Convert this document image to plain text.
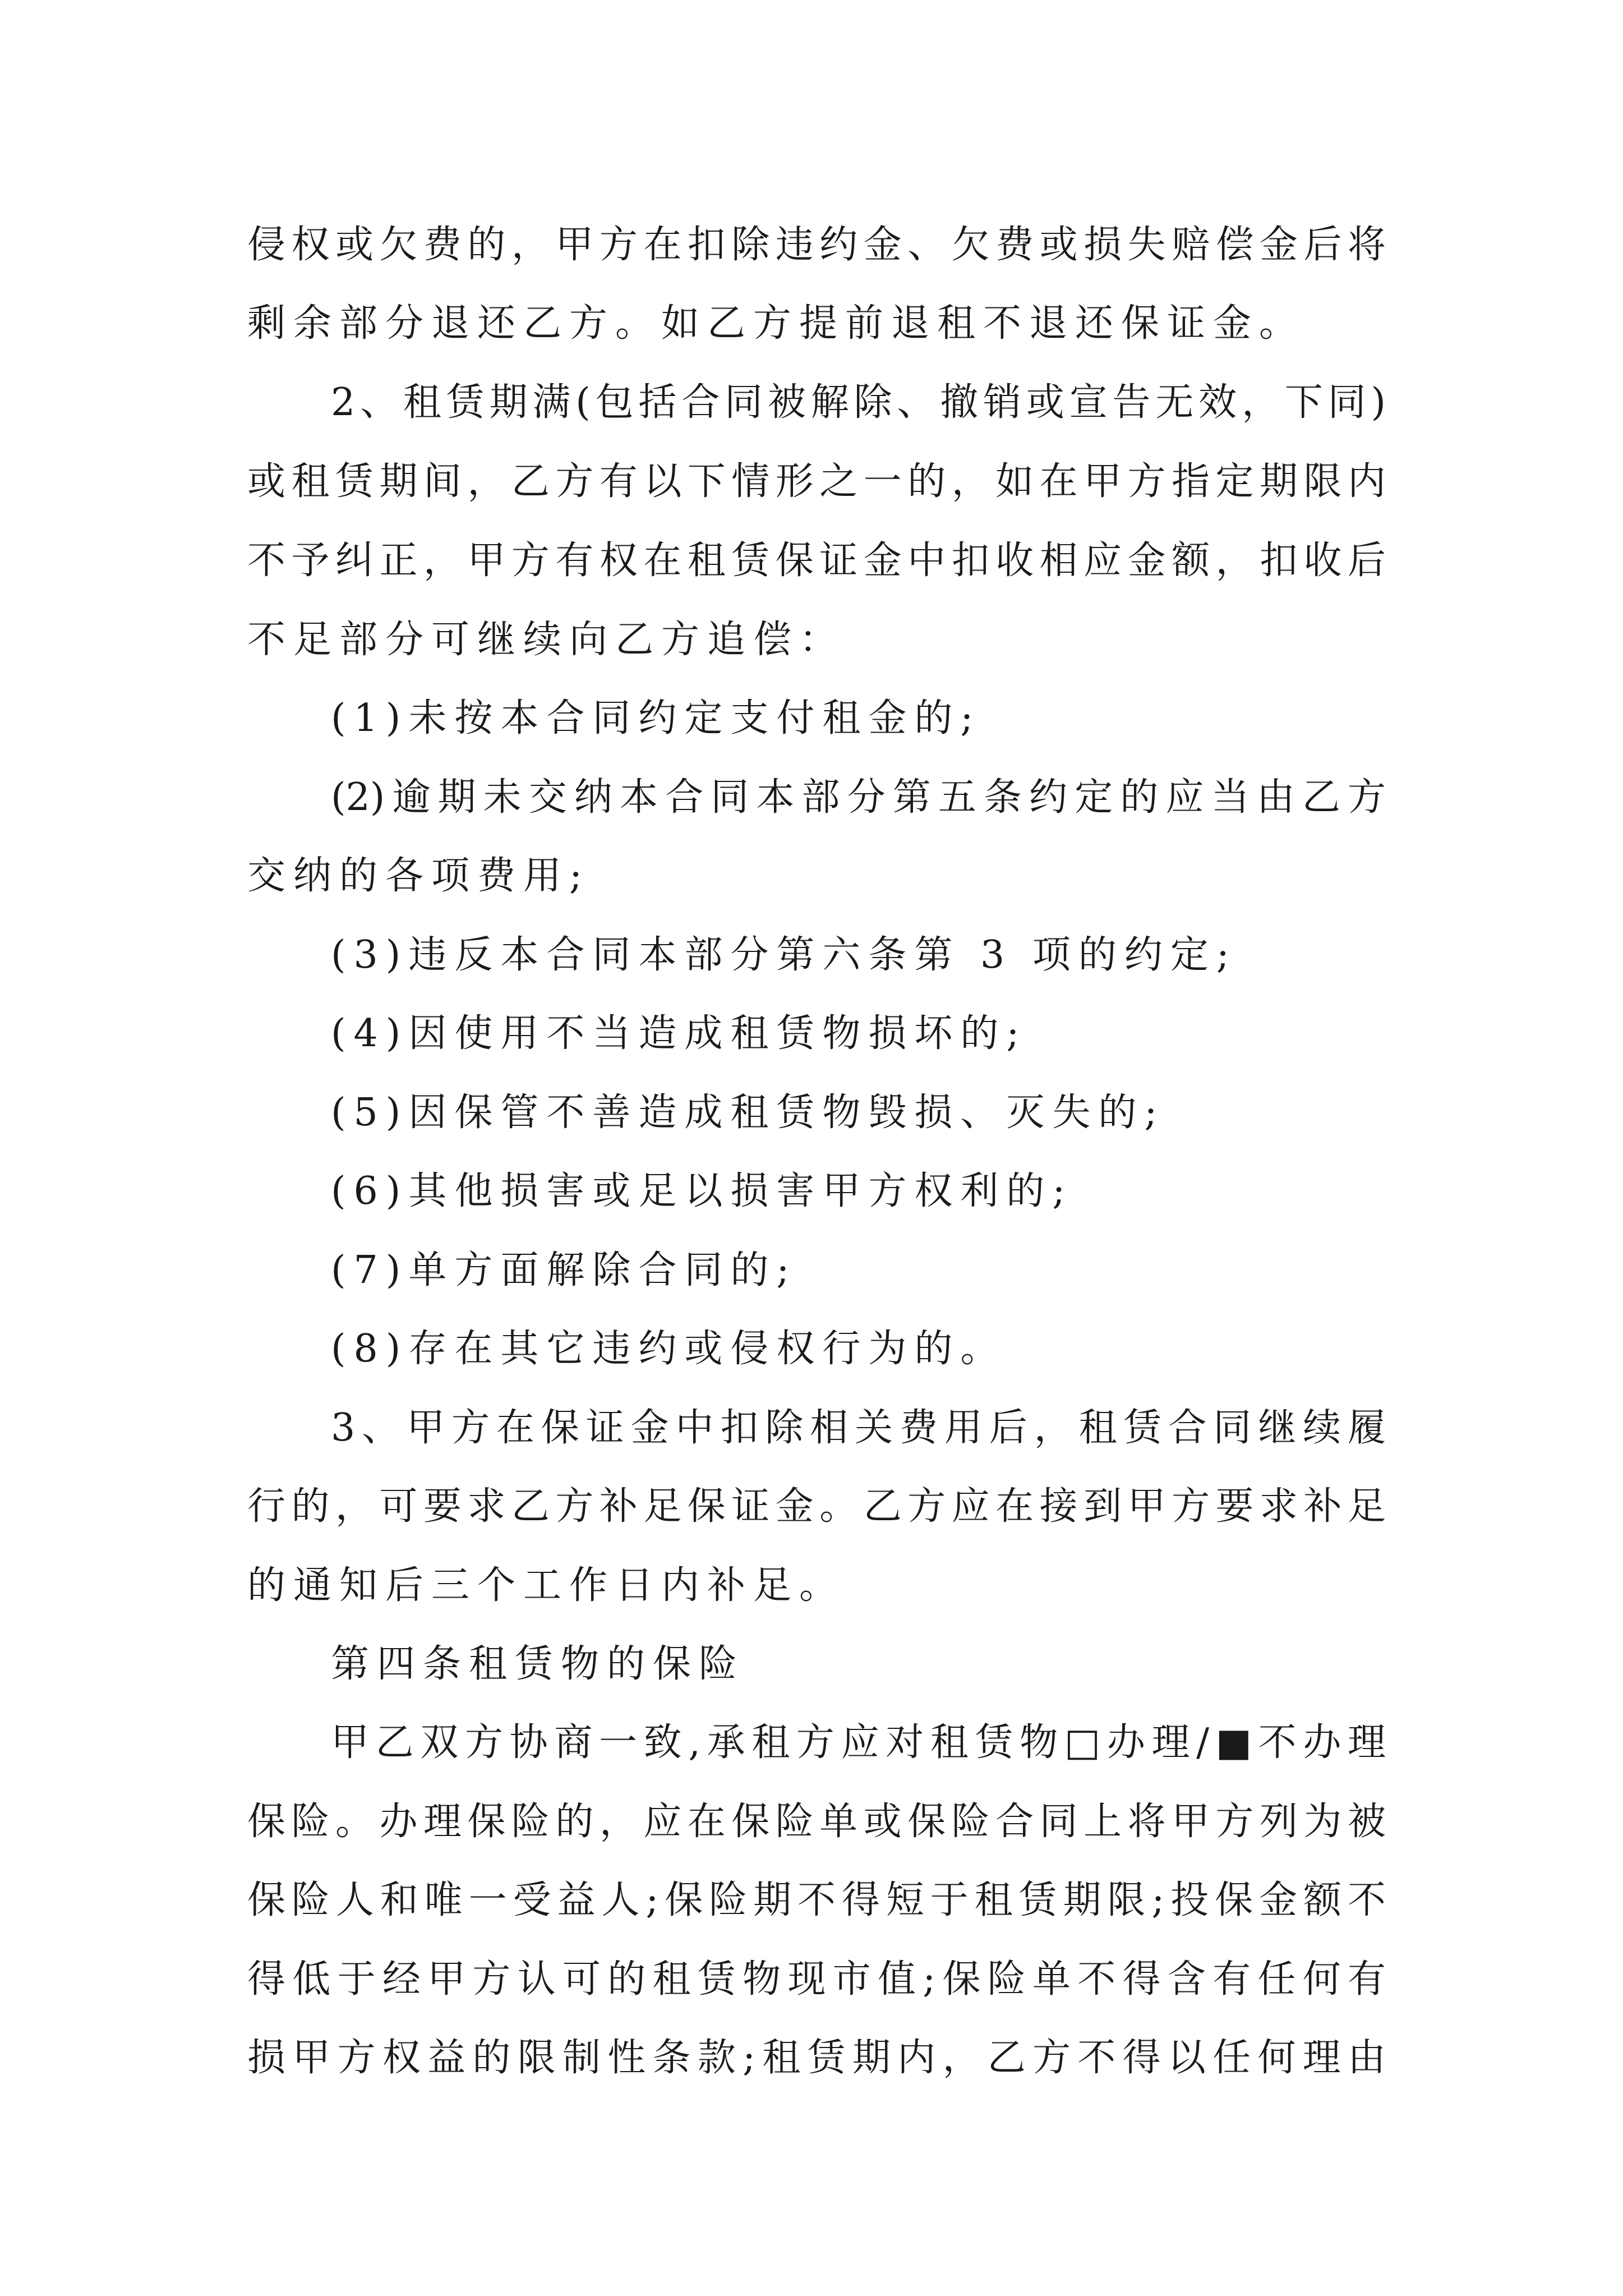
侵权或欠费的，甲方在扣除违约金、欠费或损失赔偿金后将
剩余部分退还乙方。如乙方提前退租不退还保证金。
2、租赁期满(包括合同被解除、撤销或宣告无效，下同)
或租赁期间，乙方有以下情形之一的，如在甲方指定期限内
不予纠正，甲方有权在租赁保证金中扣收相应金额，扣收后
不足部分可继续向乙方追偿：
(1)未按本合同约定支付租金的;
(2)逾期未交纳本合同本部分第五条约定的应当由乙方
交纳的各项费用;
(3)违反本合同本部分第六条第 3 项的约定;
(4)因使用不当造成租赁物损坏的;
(5)因保管不善造成租赁物毁损、灭失的;
(6)其他损害或足以损害甲方权利的;
(7)单方面解除合同的;
(8)存在其它违约或侵权行为的。
3、甲方在保证金中扣除相关费用后，租赁合同继续履
行的，可要求乙方补足保证金。乙方应在接到甲方要求补足
的通知后三个工作日内补足。
第四条租赁物的保险
甲乙双方协商一致,承租方应对租赁物□办理/■不办理
保险。办理保险的，应在保险单或保险合同上将甲方列为被
保险人和唯一受益人;保险期不得短于租赁期限;投保金额不
得低于经甲方认可的租赁物现市值;保险单不得含有任何有
损甲方权益的限制性条款;租赁期内，乙方不得以任何理由
